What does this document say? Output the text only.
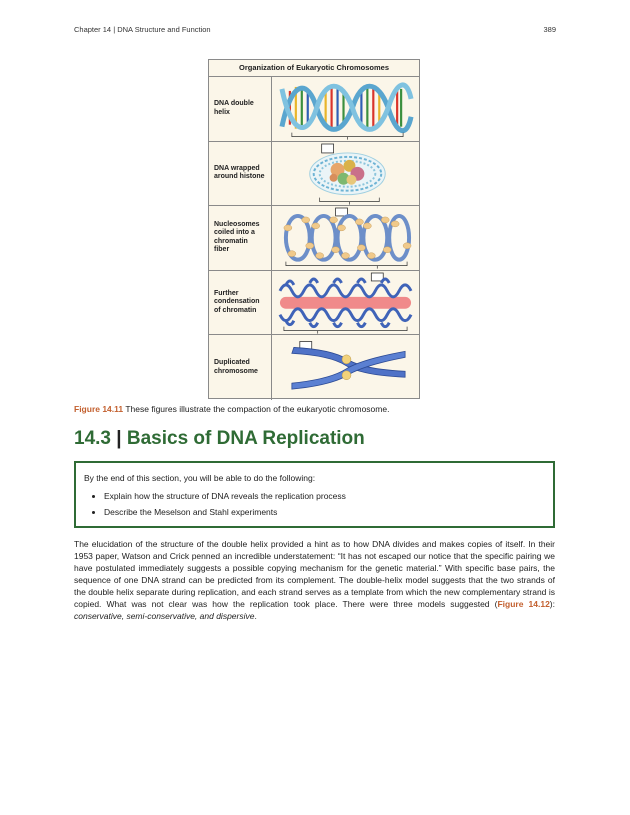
Chapter 14 | DNA Structure and Function	389
Organization of Eukaryotic Chromosomes
DNA double
helix
DNA wrapped
around histone
Nucleosomes
coiled into a
chromatin
fiber
Further
condensation
of chromatin
Duplicated
chromosome
Figure 14.11 These figures illustrate the compaction of the eukaryotic chromosome.
14.3 | Basics of DNA Replication
By the end of this section, you will be able to do the following:
• Explain how the structure of DNA reveals the replication process
• Describe the Meselson and Stahl experiments
The elucidation of the structure of the double helix provided a hint as to how DNA divides and makes copies of itself. In their 1953 paper, Watson and Crick penned an incredible understatement: “It has not escaped our notice that the specific pairing we have postulated immediately suggests a possible copying mechanism for the genetic material.” With specific base pairs, the sequence of one DNA strand can be predicted from its complement. The double-helix model suggests that the two strands of the double helix separate during replication, and each strand serves as a template from which the new complementary strand is copied. What was not clear was how the replication took place. There were three models suggested (Figure 14.12): conservative, semi-conservative, and dispersive.
